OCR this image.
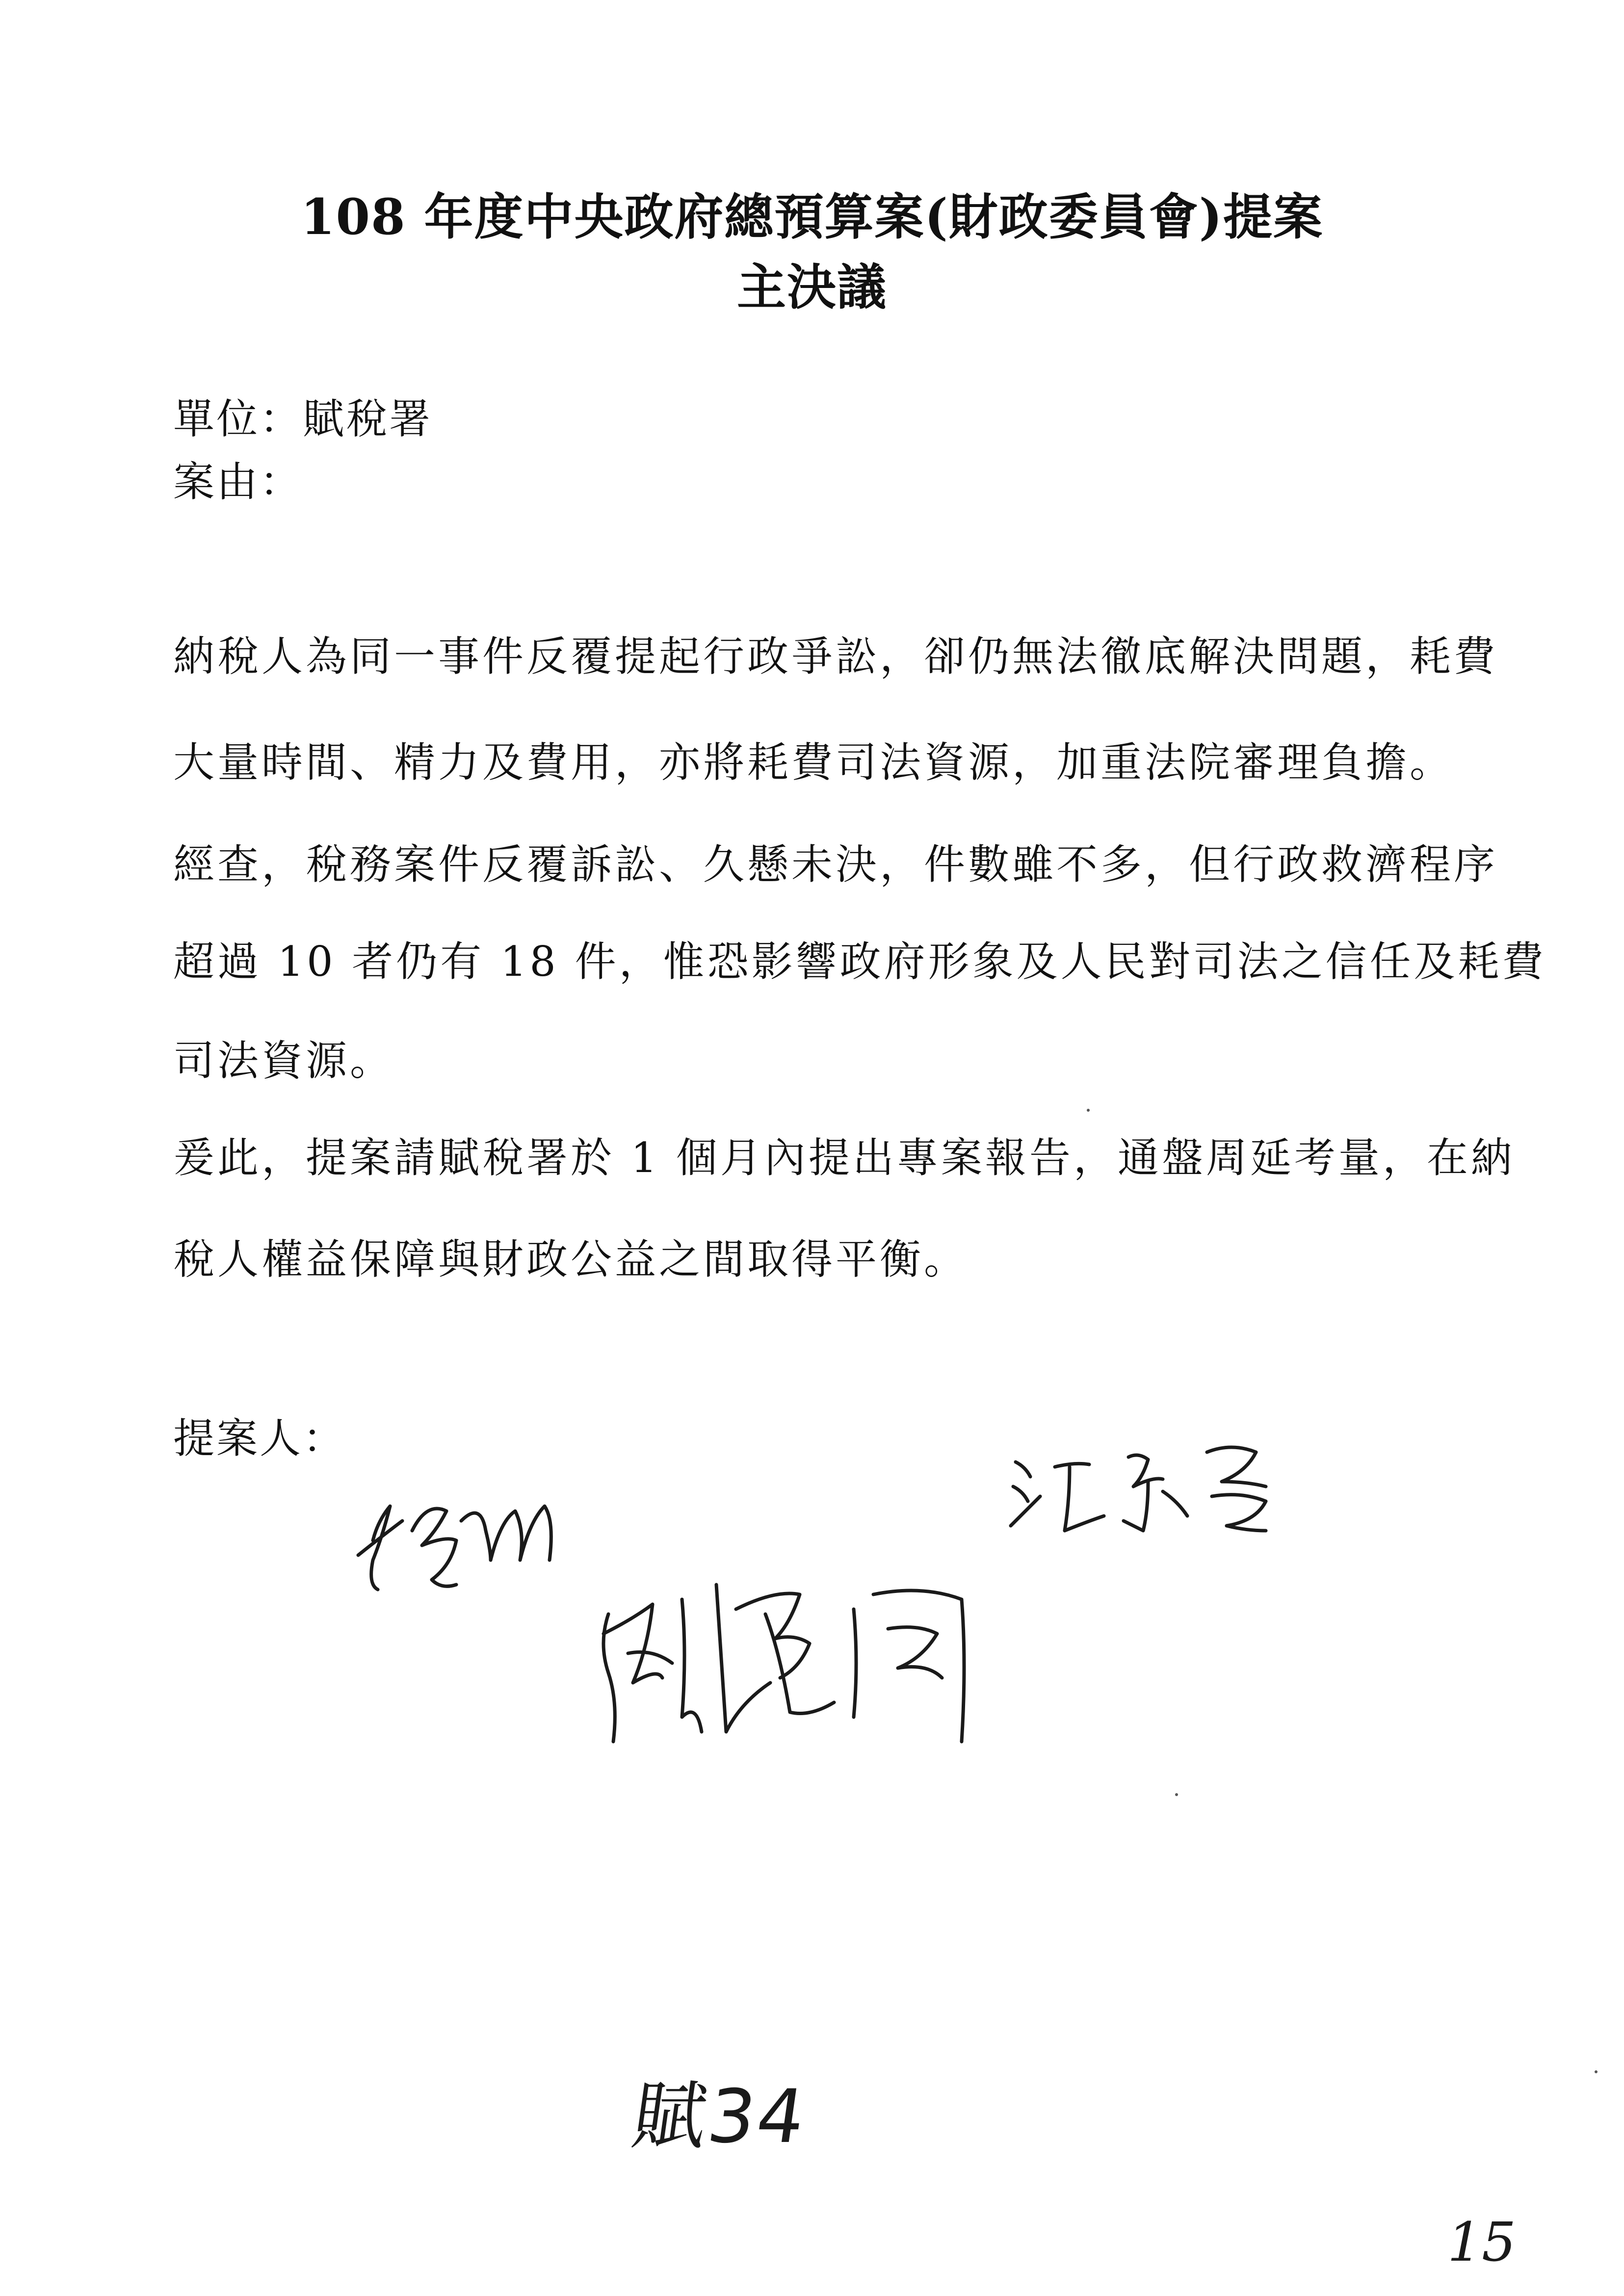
108 年度中央政府總預算案(財政委員會)提案
主決議
單位：賦稅署
案由：
納稅人為同一事件反覆提起行政爭訟，卻仍無法徹底解決問題，耗費
大量時間、精力及費用，亦將耗費司法資源，加重法院審理負擔。
經查，稅務案件反覆訴訟、久懸未決，件數雖不多，但行政救濟程序
超過 10 者仍有 18 件，惟恐影響政府形象及人民對司法之信任及耗費
司法資源。
爰此，提案請賦稅署於 1 個月內提出專案報告，通盤周延考量，在納
稅人權益保障與財政公益之間取得平衡。
提案人：
賦34
15
